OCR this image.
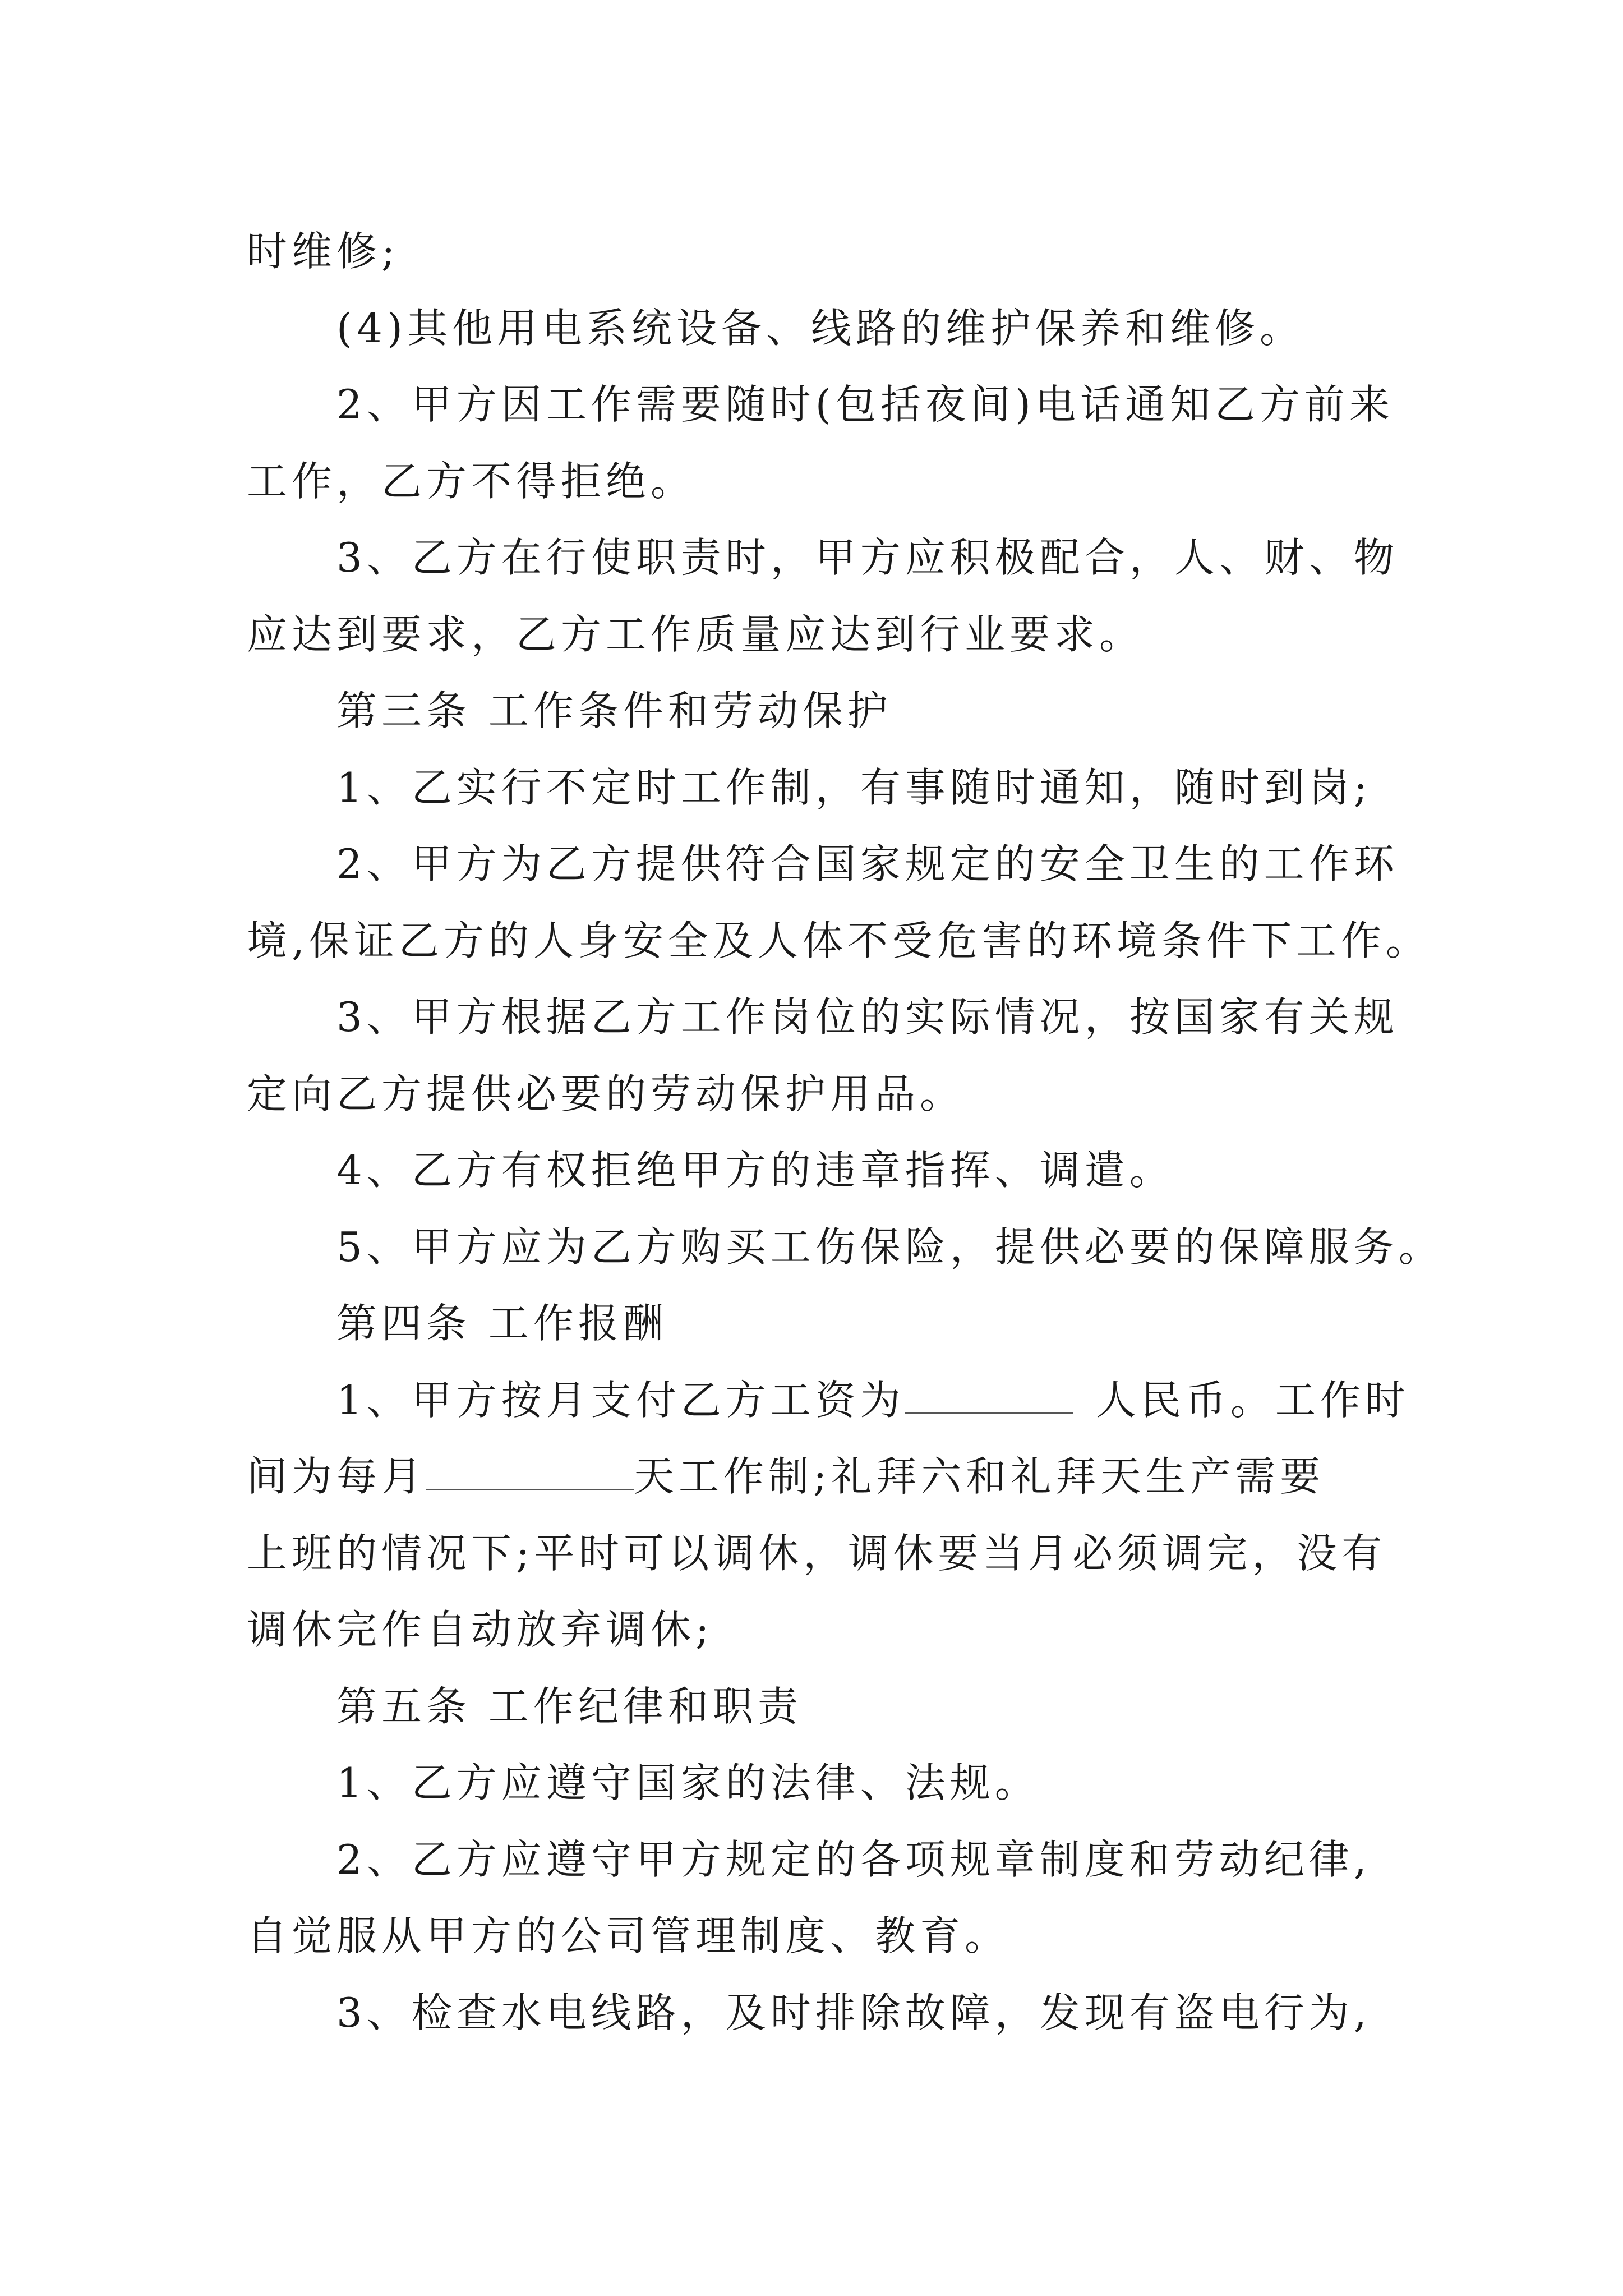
时维修;

(4)其他用电系统设备、线路的维护保养和维修。

2、甲方因工作需要随时(包括夜间)电话通知乙方前来

工作，乙方不得拒绝。

3、乙方在行使职责时，甲方应积极配合，人、财、物

应达到要求，乙方工作质量应达到行业要求。

第三条 工作条件和劳动保护

1、乙实行不定时工作制，有事随时通知，随时到岗;

2、甲方为乙方提供符合国家规定的安全卫生的工作环

境,保证乙方的人身安全及人体不受危害的环境条件下工作。

3、甲方根据乙方工作岗位的实际情况，按国家有关规

定向乙方提供必要的劳动保护用品。

4、乙方有权拒绝甲方的违章指挥、调遣。

5、甲方应为乙方购买工伤保险，提供必要的保障服务。

第四条 工作报酬

1、甲方按月支付乙方工资为	人民币。工作时

间为每月	天工作制;礼拜六和礼拜天生产需要

上班的情况下;平时可以调休，调休要当月必须调完，没有

调休完作自动放弃调休;

第五条 工作纪律和职责

1、乙方应遵守国家的法律、法规。

2、乙方应遵守甲方规定的各项规章制度和劳动纪律,

自觉服从甲方的公司管理制度、教育。

3、检查水电线路，及时排除故障，发现有盗电行为,
